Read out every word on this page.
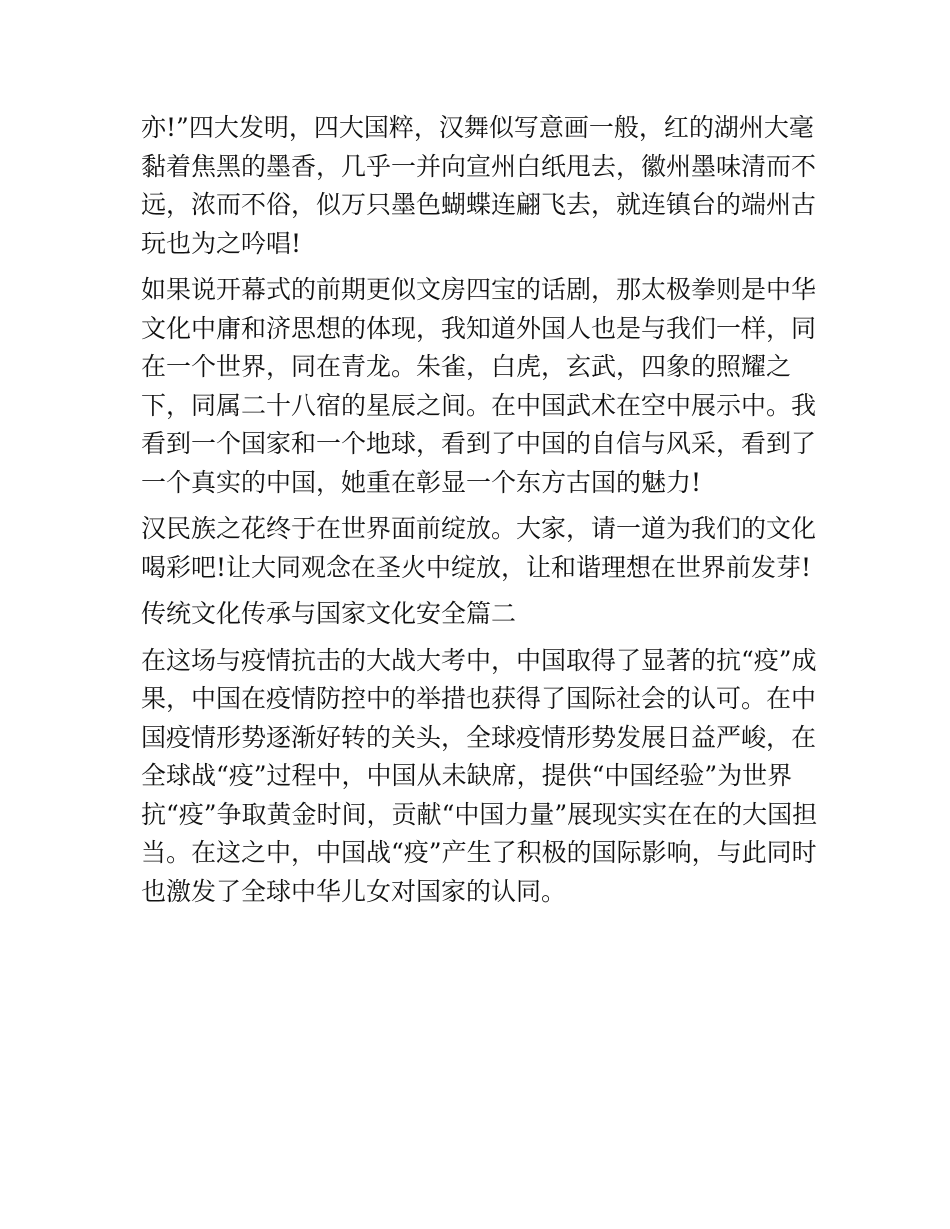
亦!”四大发明，四大国粹，汉舞似写意画一般，红的湖州大毫
黏着焦黑的墨香，几乎一并向宣州白纸甩去，徽州墨味清而不
远，浓而不俗，似万只墨色蝴蝶连翩飞去，就连镇台的端州古
玩也为之吟唱!
如果说开幕式的前期更似文房四宝的话剧，那太极拳则是中华
文化中庸和济思想的体现，我知道外国人也是与我们一样，同
在一个世界，同在青龙。朱雀，白虎，玄武，四象的照耀之
下，同属二十八宿的星辰之间。在中国武术在空中展示中。我
看到一个国家和一个地球，看到了中国的自信与风采，看到了
一个真实的中国，她重在彰显一个东方古国的魅力!
汉民族之花终于在世界面前绽放。大家，请一道为我们的文化
喝彩吧!让大同观念在圣火中绽放，让和谐理想在世界前发芽!
传统文化传承与国家文化安全篇二
在这场与疫情抗击的大战大考中，中国取得了显著的抗“疫”成
果，中国在疫情防控中的举措也获得了国际社会的认可。在中
国疫情形势逐渐好转的关头，全球疫情形势发展日益严峻，在
全球战“疫”过程中，中国从未缺席，提供“中国经验”为世界
抗“疫”争取黄金时间，贡献“中国力量”展现实实在在的大国担
当。在这之中，中国战“疫”产生了积极的国际影响，与此同时
也激发了全球中华儿女对国家的认同。
